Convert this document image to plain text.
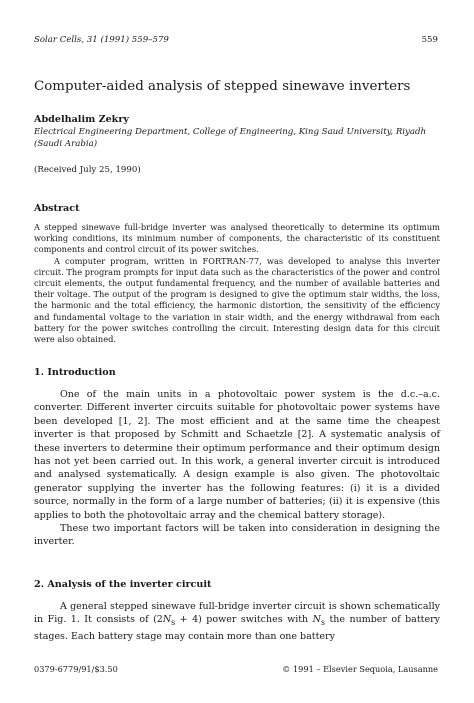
Solar Cells, 31 (1991) 559–579	559
Computer-aided analysis of stepped sinewave inverters
Abdelhalim Zekry
Electrical Engineering Department, College of Engineering, King Saud University, Riyadh (Saudi Arabia)
(Received July 25, 1990)
Abstract

A stepped sinewave full-bridge inverter was analysed theoretically to determine its optimum working conditions, its minimum number of components, the characteristic of its constituent components and control circuit of its power switches.

A computer program, written in FORTRAN-77, was developed to analyse this inverter circuit. The program prompts for input data such as the characteristics of the power and control circuit elements, the output fundamental frequency, and the number of available batteries and their voltage. The output of the program is designed to give the optimum stair widths, the loss, the harmonic and the total efficiency, the harmonic distortion, the sensitivity of the efficiency and fundamental voltage to the variation in stair width, and the energy withdrawal from each battery for the power switches controlling the circuit. Interesting design data for this circuit were also obtained.

1. Introduction

One of the main units in a photovoltaic power system is the d.c.–a.c. converter. Different inverter circuits suitable for photovoltaic power systems have been developed [1, 2]. The most efficient and at the same time the cheapest inverter is that proposed by Schmitt and Schaetzle [2]. A systematic analysis of these inverters to determine their optimum performance and their optimum design has not yet been carried out. In this work, a general inverter circuit is introduced and analysed systematically. A design example is also given. The photovoltaic generator supplying the inverter has the following features: (i) it is a divided source, normally in the form of a large number of batteries; (ii) it is expensive (this applies to both the photovoltaic array and the chemical battery storage).

These two important factors will be taken into consideration in designing the inverter.

2. Analysis of the inverter circuit

A general stepped sinewave full-bridge inverter circuit is shown schematically in Fig. 1. It consists of $(2N_s + 4)$ power switches with $N_s$ the number of battery stages. Each battery stage may contain more than one battery

0379-6779/91/$3.50	© 1991 – Elsevier Sequoia, Lausanne
